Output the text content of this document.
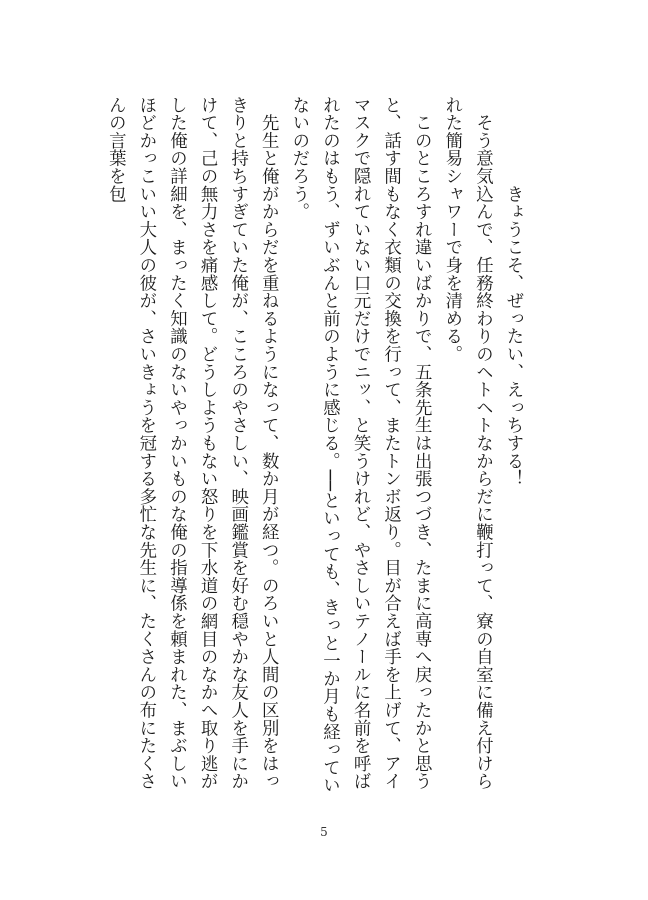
　　　　　きょうこそ、ぜったい、えっちする！

　そう意気込んで、任務終わりのヘトヘトなからだに鞭打って、寮の自室に備え付けられた簡易シャワーで身を清める。

　このところすれ違いばかりで、五条先生は出張つづき、たまに高専へ戻ったかと思うと、話す間もなく衣類の交換を行って、またトンボ返り。目が合えば手を上げて、アイマスクで隠れていない口元だけでニッ、と笑うけれど、やさしいテノールに名前を呼ばれたのはもう、ずいぶんと前のように感じる。──といっても、きっと一か月も経っていないのだろう。

　先生と俺がからだを重ねるようになって、数か月が経つ。のろいと人間の区別をはっきりと持ちすぎていた俺が、こころのやさしい、映画鑑賞を好む穏やかな友人を手にかけて、己の無力さを痛感して。どうしようもない怒りを下水道の網目のなかへ取り逃がした俺の詳細を、まったく知識のないやっかいものな俺の指導係を頼まれた、まぶしいほどかっこいい大人の彼が、さいきょうを冠する多忙な先生に、たくさんの布にたくさんの言葉を包

5
